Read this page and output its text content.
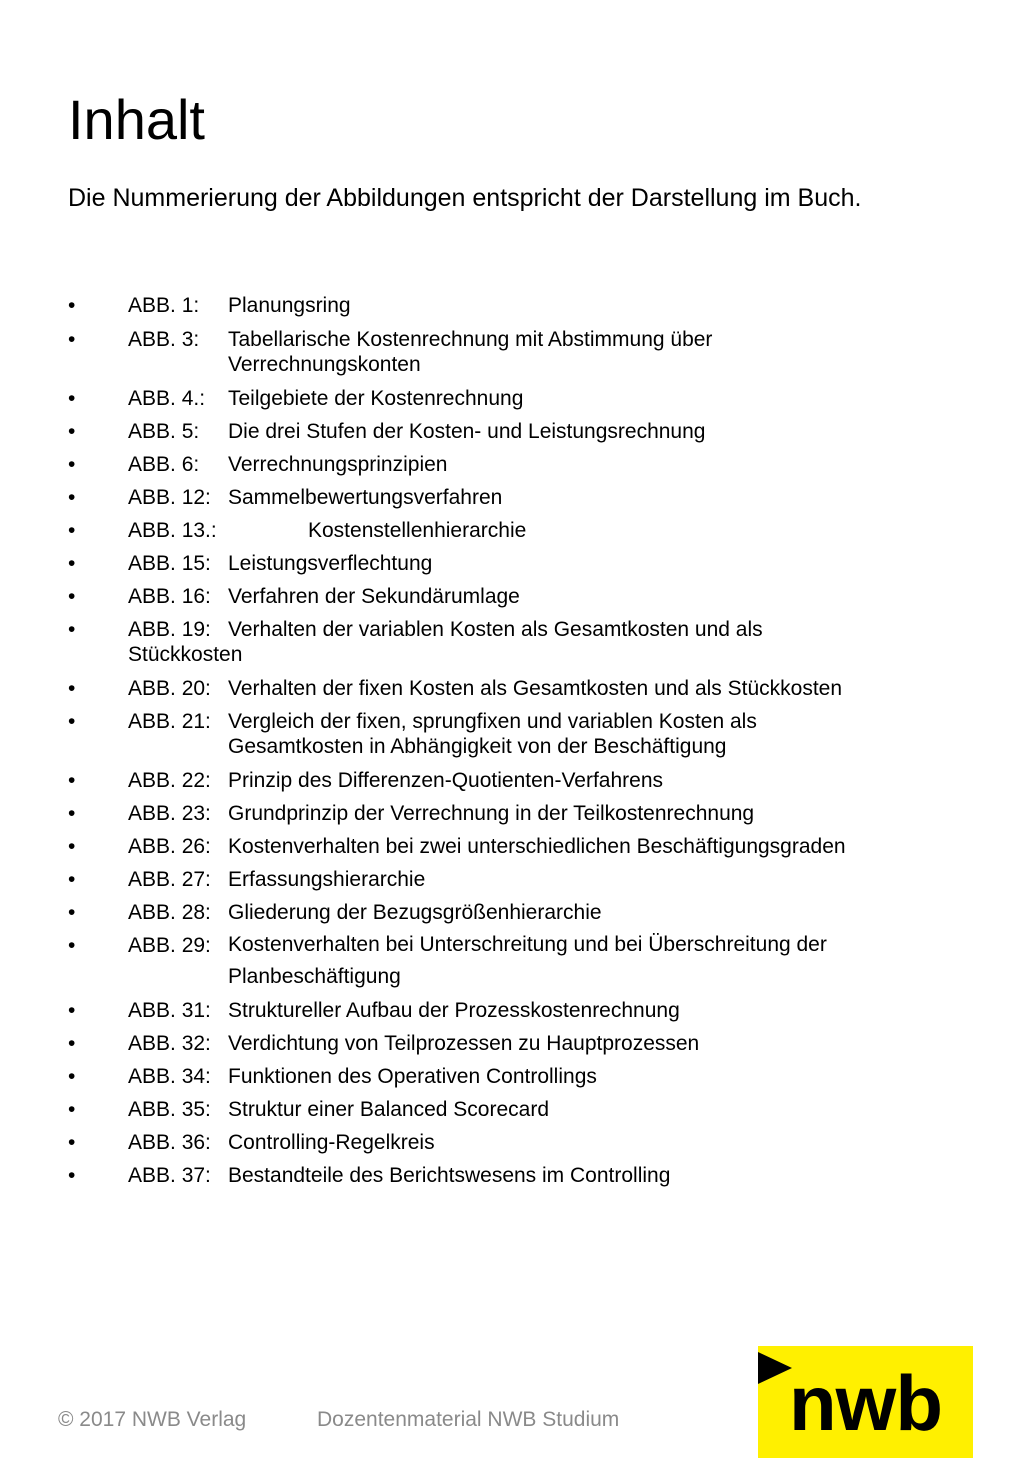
Inhalt

Die Nummerierung der Abbildungen entspricht der Darstellung im Buch.

•	ABB. 1: Planungsring
•	ABB. 3: Tabellarische Kostenrechnung mit Abstimmung über Verrechnungskonten
•	ABB. 4.: Teilgebiete der Kostenrechnung
•	ABB. 5: Die drei Stufen der Kosten- und Leistungsrechnung
•	ABB. 6: Verrechnungsprinzipien
•	ABB. 12: Sammelbewertungsverfahren
•	ABB. 13.:	Kostenstellenhierarchie
•	ABB. 15: Leistungsverflechtung
•	ABB. 16: Verfahren der Sekundärumlage
•	ABB. 19: Verhalten der variablen Kosten als Gesamtkosten und als Stückkosten
•	ABB. 20: Verhalten der fixen Kosten als Gesamtkosten und als Stückkosten
•	ABB. 21: Vergleich der fixen, sprungfixen und variablen Kosten als Gesamtkosten in Abhängigkeit von der Beschäftigung
•	ABB. 22: Prinzip des Differenzen-Quotienten-Verfahrens
•	ABB. 23: Grundprinzip der Verrechnung in der Teilkostenrechnung
•	ABB. 26: Kostenverhalten bei zwei unterschiedlichen Beschäftigungsgraden
•	ABB. 27: Erfassungshierarchie
•	ABB. 28: Gliederung der Bezugsgrößenhierarchie
•	ABB. 29: Kostenverhalten bei Unterschreitung und bei Überschreitung der Planbeschäftigung
•	ABB. 31: Struktureller Aufbau der Prozesskostenrechnung
•	ABB. 32: Verdichtung von Teilprozessen zu Hauptprozessen
•	ABB. 34: Funktionen des Operativen Controllings
•	ABB. 35: Struktur einer Balanced Scorecard
•	ABB. 36: Controlling-Regelkreis
•	ABB. 37: Bestandteile des Berichtswesens im Controlling
© 2017 NWB Verlag	Dozentenmaterial NWB Studium	nwb
